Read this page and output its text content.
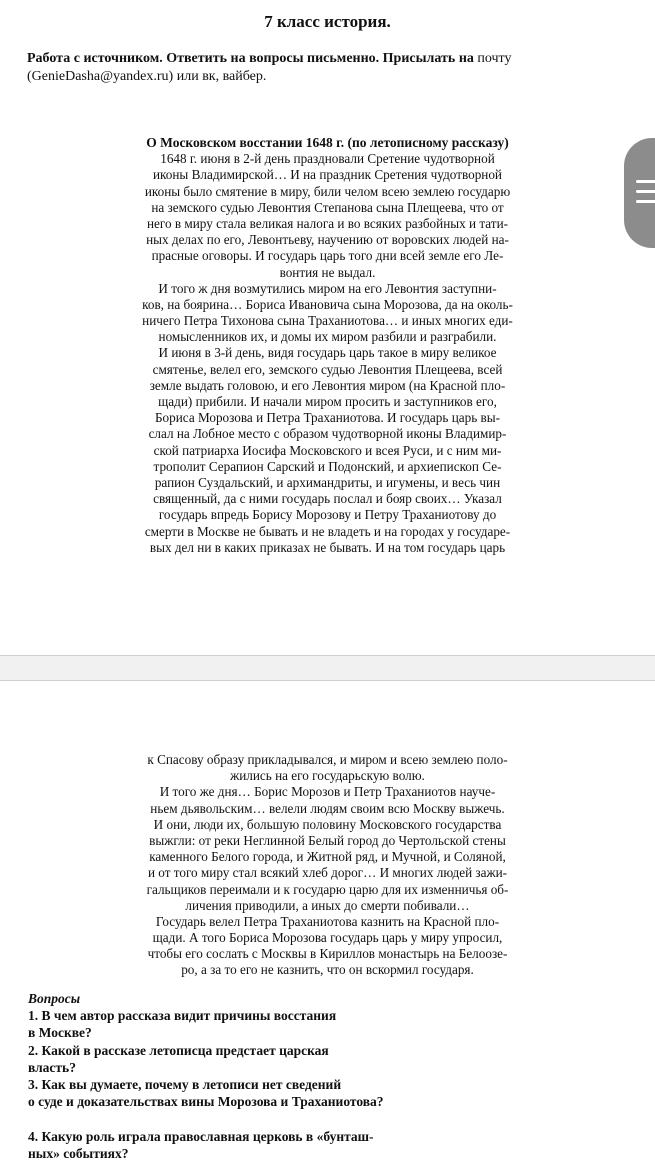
7 класс история.
Работа с источником. Ответить на вопросы письменно. Присылать на почту
(GenieDasha@yandex.ru) или вк, вайбер.
О Московском восстании 1648 г. (по летописному рассказу)
1648 г. июня в 2-й день праздновали Сретение чудотворной
иконы Владимирской… И на праздник Сретения чудотворной
иконы было смятение в миру, били челом всею землею государю
на земского судью Левонтия Степанова сына Плещеева, что от
него в миру стала великая налога и во всяких разбойных и тати-
ных делах по его, Левонтьеву, научению от воровских людей на-
прасные оговоры. И государь царь того дни всей земле его Ле-
вонтия не выдал.
И того ж дня возмутились миром на его Левонтия заступни-
ков, на боярина… Бориса Ивановича сына Морозова, да на околь-
ничего Петра Тихонова сына Траханиотова… и иных многих еди-
номысленников их, и домы их миром разбили и разграбили.
И июня в 3-й день, видя государь царь такое в миру великое
смятенье, велел его, земского судью Левонтия Плещеева, всей
земле выдать головою, и его Левонтия миром (на Красной пло-
щади) прибили. И начали миром просить и заступников его,
Бориса Морозова и Петра Траханиотова. И государь царь вы-
слал на Лобное место с образом чудотворной иконы Владимир-
ской патриарха Иосифа Московского и всея Руси, и с ним ми-
трополит Серапион Сарский и Подонский, и архиепископ Се-
рапион Суздальский, и архимандриты, и игумены, и весь чин
священный, да с ними государь послал и бояр своих… Указал
государь впредь Борису Морозову и Петру Траханиотову до
смерти в Москве не бывать и не владеть и на городах у государе-
вых дел ни в каких приказах не бывать. И на том государь царь
к Спасову образу прикладывался, и миром и всею землею поло-
жились на его государьскую волю.
И того же дня… Борис Морозов и Петр Траханиотов научe-
ньем дьявольским… велели людям своим всю Москву выжечь.
И они, люди их, большую половину Московского государства
выжгли: от реки Неглинной Белый город до Чертольской стены
каменного Белого города, и Житной ряд, и Мучной, и Соляной,
и от того миру стал всякий хлеб дорог… И многих людей зажи-
гальщиков переимали и к государю царю для их изменничья об-
личения приводили, а иных до смерти побивали…
Государь велел Петра Траханиотова казнить на Красной пло-
щади. А того Бориса Морозова государь царь у миру упросил,
чтобы его сослать с Москвы в Кириллов монастырь на Белоозе-
ро, а за то его не казнить, что он вскормил государя.
Вопросы
1. В чем автор рассказа видит причины восстания
в Москве?
2. Какой в рассказе летописца предстает царская
власть?
3. Как вы думаете, почему в летописи нет сведений
о суде и доказательствах вины Морозова и Траханиотова?
4. Какую роль играла православная церковь в «бунташ-
ных» событиях?
